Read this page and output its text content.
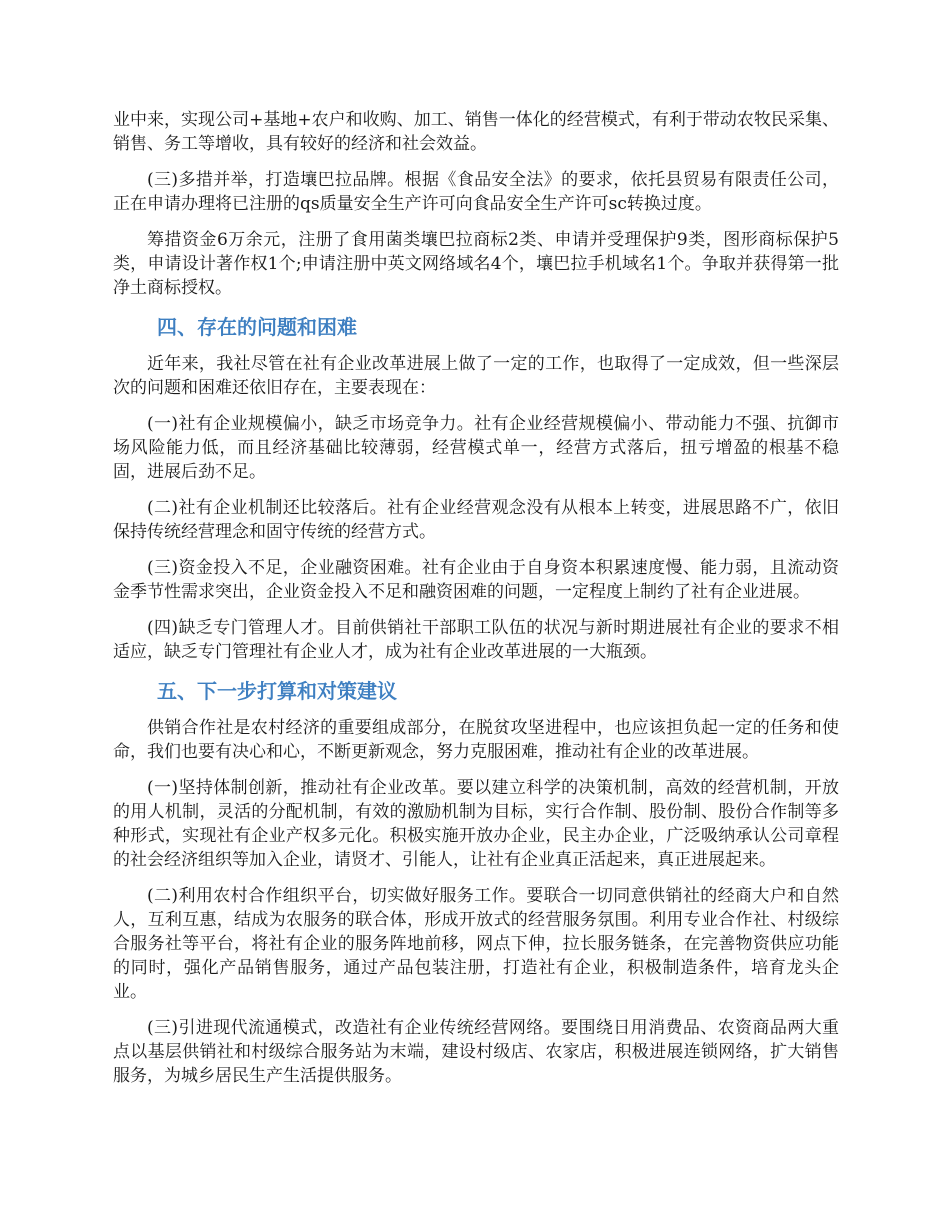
业中来，实现公司+基地+农户和收购、加工、销售一体化的经营模式，有利于带动农牧民采集、销售、务工等增收，具有较好的经济和社会效益。

(三)多措并举，打造壤巴拉品牌。根据《食品安全法》的要求，依托县贸易有限责任公司，正在申请办理将已注册的qs质量安全生产许可向食品安全生产许可sc转换过度。

筹措资金6万余元，注册了食用菌类壤巴拉商标2类、申请并受理保护9类，图形商标保护5类，申请设计著作权1个;申请注册中英文网络域名4个，壤巴拉手机域名1个。争取并获得第一批净土商标授权。

四、存在的问题和困难

近年来，我社尽管在社有企业改革进展上做了一定的工作，也取得了一定成效，但一些深层次的问题和困难还依旧存在，主要表现在：

(一)社有企业规模偏小，缺乏市场竞争力。社有企业经营规模偏小、带动能力不强、抗御市场风险能力低，而且经济基础比较薄弱，经营模式单一，经营方式落后，扭亏增盈的根基不稳固，进展后劲不足。

(二)社有企业机制还比较落后。社有企业经营观念没有从根本上转变，进展思路不广，依旧保持传统经营理念和固守传统的经营方式。

(三)资金投入不足，企业融资困难。社有企业由于自身资本积累速度慢、能力弱，且流动资金季节性需求突出，企业资金投入不足和融资困难的问题，一定程度上制约了社有企业进展。

(四)缺乏专门管理人才。目前供销社干部职工队伍的状况与新时期进展社有企业的要求不相适应，缺乏专门管理社有企业人才，成为社有企业改革进展的一大瓶颈。

五、下一步打算和对策建议

供销合作社是农村经济的重要组成部分，在脱贫攻坚进程中，也应该担负起一定的任务和使命，我们也要有决心和心，不断更新观念，努力克服困难，推动社有企业的改革进展。

(一)坚持体制创新，推动社有企业改革。要以建立科学的决策机制，高效的经营机制，开放的用人机制，灵活的分配机制，有效的激励机制为目标，实行合作制、股份制、股份合作制等多种形式，实现社有企业产权多元化。积极实施开放办企业，民主办企业，广泛吸纳承认公司章程的社会经济组织等加入企业，请贤才、引能人，让社有企业真正活起来，真正进展起来。

(二)利用农村合作组织平台，切实做好服务工作。要联合一切同意供销社的经商大户和自然人，互利互惠，结成为农服务的联合体，形成开放式的经营服务氛围。利用专业合作社、村级综合服务社等平台，将社有企业的服务阵地前移，网点下伸，拉长服务链条，在完善物资供应功能的同时，强化产品销售服务，通过产品包装注册，打造社有企业，积极制造条件，培育龙头企业。

(三)引进现代流通模式，改造社有企业传统经营网络。要围绕日用消费品、农资商品两大重点以基层供销社和村级综合服务站为末端，建设村级店、农家店，积极进展连锁网络，扩大销售服务，为城乡居民生产生活提供服务。
